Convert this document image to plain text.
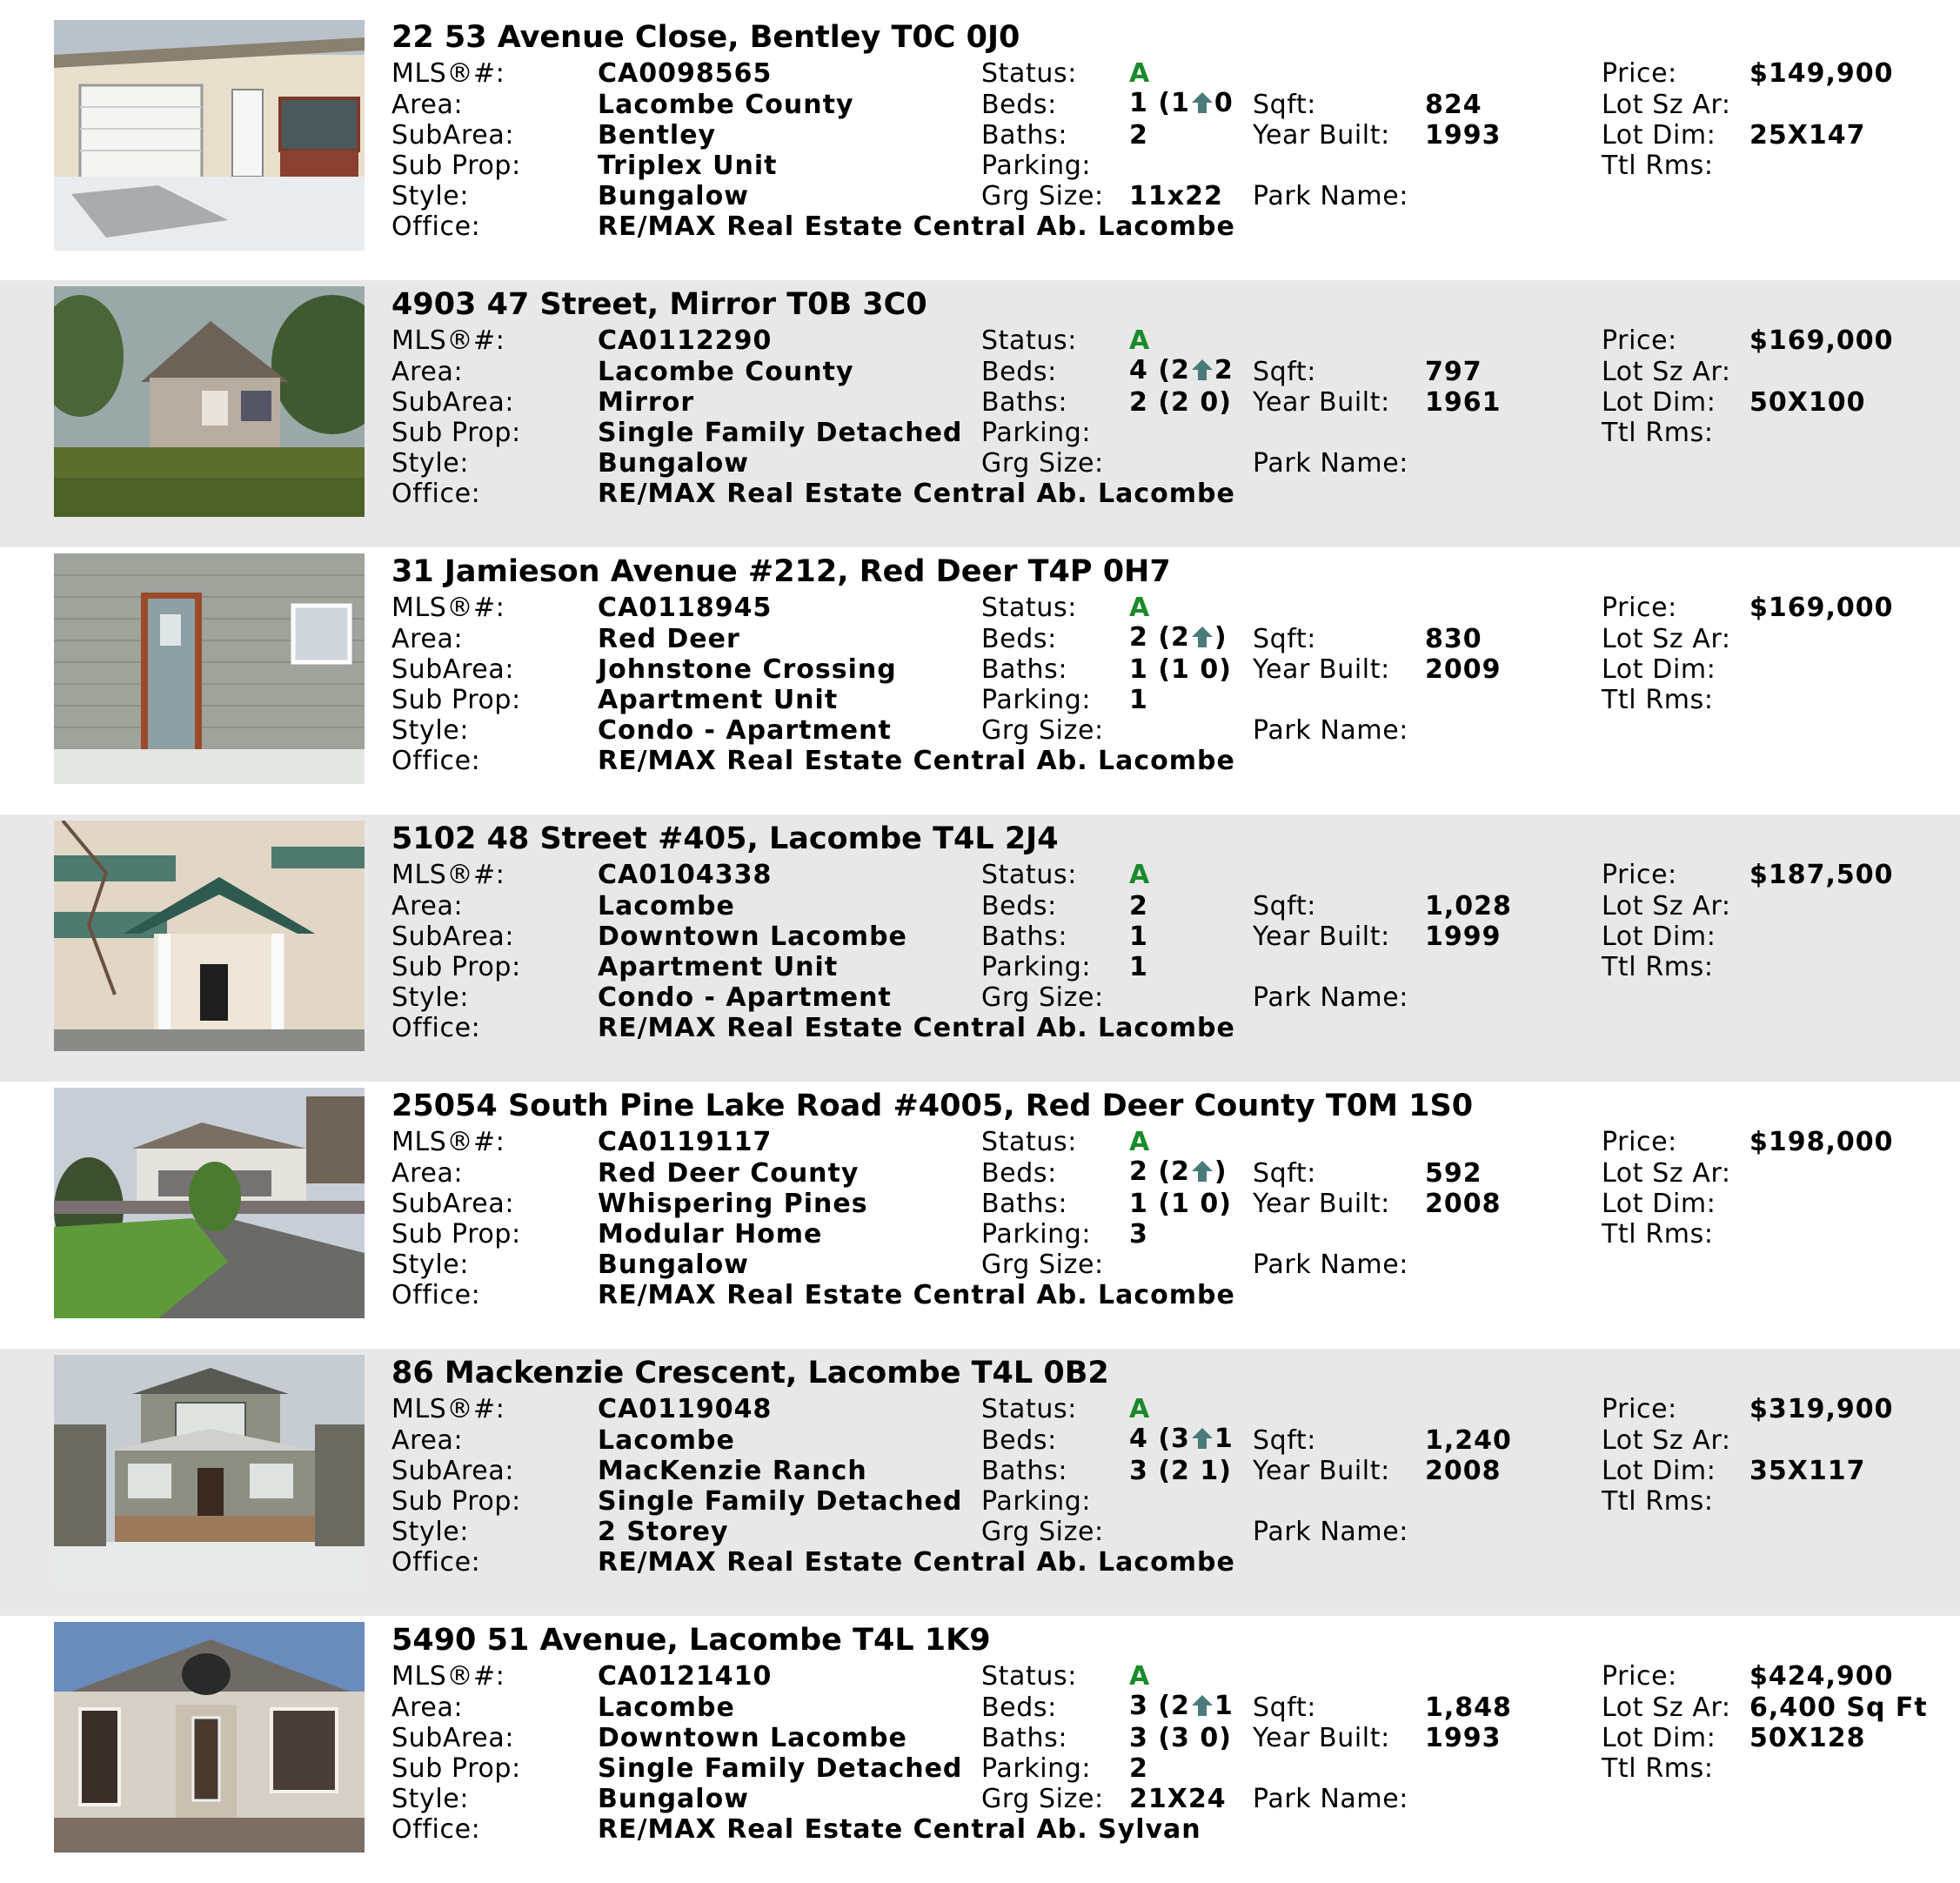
22 53 Avenue Close, Bentley T0C 0J0
MLS®#:	CA0098565
Area:	Lacombe County
SubArea:	Bentley
Sub Prop:	Triplex Unit
Style:	Bungalow
Office:	RE/MAX Real Estate Central Ab. Lacombe
Status: A
Beds:	1 (1 0
Baths: 2
Parking:
Grg Size: 11x22
Sqft:	824
Year Built: 1993
Park Name:
Price:	$149,900
Lot Sz Ar:
Lot Dim: 25X147
Ttl Rms:
4903 47 Street, Mirror T0B 3C0
MLS®#:	CA0112290
Area:	Lacombe County
SubArea:	Mirror
Sub Prop:	Single Family Detached
Style:	Bungalow
Office:	RE/MAX Real Estate Central Ab. Lacombe
Status: A
Beds:	4 (2 2
Baths: 2 (2 0)
Parking:
Grg Size:
Sqft:	797
Year Built: 1961
Park Name:
Price:	$169,000
Lot Sz Ar:
Lot Dim: 50X100
Ttl Rms:
31 Jamieson Avenue #212, Red Deer T4P 0H7
MLS®#:	CA0118945
Area:	Red Deer
SubArea:	Johnstone Crossing
Sub Prop:	Apartment Unit
Style:	Condo - Apartment
Office:	RE/MAX Real Estate Central Ab. Lacombe
Status: A
Beds:	2 (2 )
Baths: 1 (1 0)
Parking: 1
Grg Size:
Sqft:	830
Year Built: 2009
Park Name:
Price:	$169,000
Lot Sz Ar:
Lot Dim:
Ttl Rms:
5102 48 Street #405, Lacombe T4L 2J4
MLS®#:	CA0104338
Area:	Lacombe
SubArea:	Downtown Lacombe
Sub Prop:	Apartment Unit
Style:	Condo - Apartment
Office:	RE/MAX Real Estate Central Ab. Lacombe
Status: A
Beds:	2
Baths: 1
Parking: 1
Grg Size:
Sqft:	1,028
Year Built: 1999
Park Name:
Price:	$187,500
Lot Sz Ar:
Lot Dim:
Ttl Rms:
25054 South Pine Lake Road #4005, Red Deer County T0M 1S0
MLS®#:	CA0119117
Area:	Red Deer County
SubArea:	Whispering Pines
Sub Prop:	Modular Home
Style:	Bungalow
Office:	RE/MAX Real Estate Central Ab. Lacombe
Status: A
Beds:	2 (2 )
Baths: 1 (1 0)
Parking: 3
Grg Size:
Sqft:	592
Year Built: 2008
Park Name:
Price:	$198,000
Lot Sz Ar:
Lot Dim:
Ttl Rms:
86 Mackenzie Crescent, Lacombe T4L 0B2
MLS®#:	CA0119048
Area:	Lacombe
SubArea:	MacKenzie Ranch
Sub Prop:	Single Family Detached
Style:	2 Storey
Office:	RE/MAX Real Estate Central Ab. Lacombe
Status: A
Beds:	4 (3 1
Baths: 3 (2 1)
Parking:
Grg Size:
Sqft:	1,240
Year Built: 2008
Park Name:
Price:	$319,900
Lot Sz Ar:
Lot Dim: 35X117
Ttl Rms:
5490 51 Avenue, Lacombe T4L 1K9
MLS®#:	CA0121410
Area:	Lacombe
SubArea:	Downtown Lacombe
Sub Prop:	Single Family Detached
Style:	Bungalow
Office:	RE/MAX Real Estate Central Ab. Sylvan
Status: A
Beds:	3 (2 1
Baths: 3 (3 0)
Parking: 2
Grg Size: 21X24
Sqft:	1,848
Year Built: 1993
Park Name:
Price:	$424,900
Lot Sz Ar: 6,400 Sq Ft
Lot Dim: 50X128
Ttl Rms:
